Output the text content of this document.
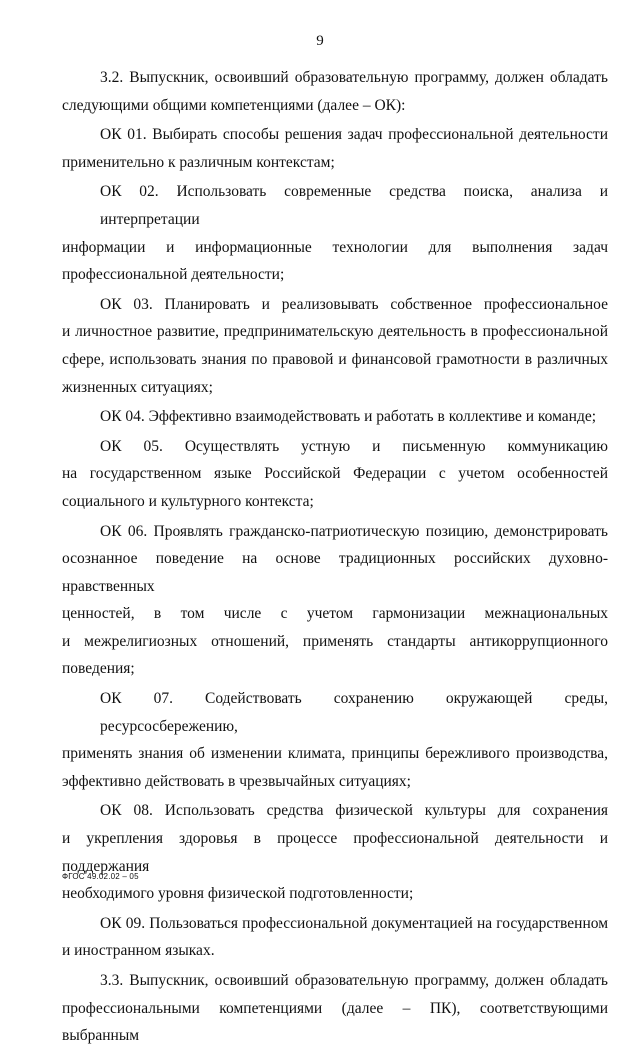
9

3.2. Выпускник, освоивший образовательную программу, должен обладать
следующими общими компетенциями (далее – ОК):

ОК 01. Выбирать способы решения задач профессиональной деятельности
применительно к различным контекстам;

ОК 02. Использовать современные средства поиска, анализа и интерпретации
информации и информационные технологии для выполнения задач
профессиональной деятельности;

ОК 03. Планировать и реализовывать собственное профессиональное
и личностное развитие, предпринимательскую деятельность в профессиональной
сфере, использовать знания по правовой и финансовой грамотности в различных
жизненных ситуациях;

ОК 04. Эффективно взаимодействовать и работать в коллективе и команде;

ОК 05. Осуществлять устную и письменную коммуникацию
на государственном языке Российской Федерации с учетом особенностей
социального и культурного контекста;

ОК 06. Проявлять гражданско-патриотическую позицию, демонстрировать
осознанное поведение на основе традиционных российских духовно-нравственных
ценностей, в том числе с учетом гармонизации межнациональных
и межрелигиозных отношений, применять стандарты антикоррупционного
поведения;

ОК 07. Содействовать сохранению окружающей среды, ресурсосбережению,
применять знания об изменении климата, принципы бережливого производства,
эффективно действовать в чрезвычайных ситуациях;

ОК 08. Использовать средства физической культуры для сохранения
и укрепления здоровья в процессе профессиональной деятельности и поддержания
необходимого уровня физической подготовленности;

ОК 09. Пользоваться профессиональной документацией на государственном
и иностранном языках.

3.3. Выпускник, освоивший образовательную программу, должен обладать
профессиональными компетенциями (далее – ПК), соответствующими выбранным

ФГОС 49.02.02 – 05
